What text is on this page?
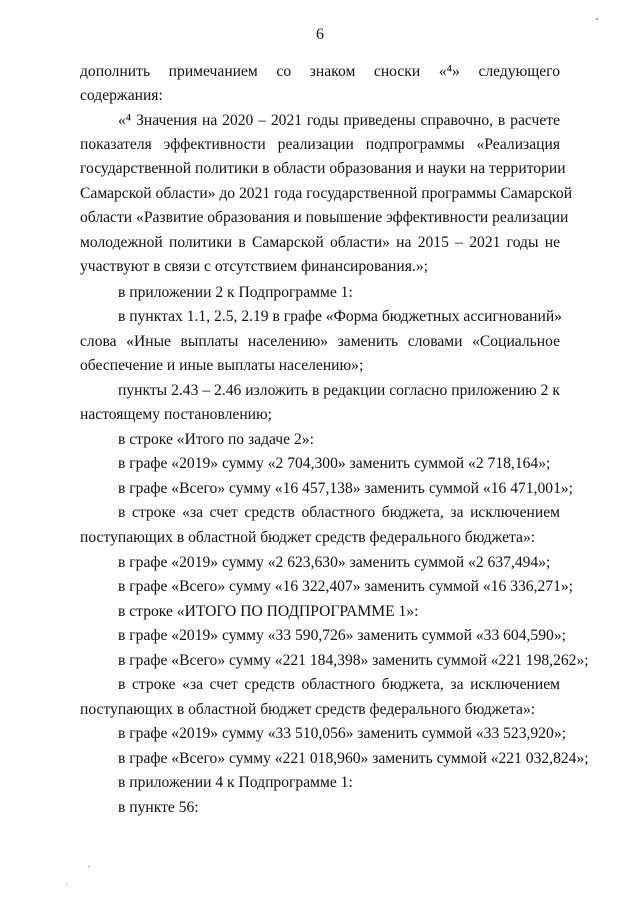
6
дополнить примечанием со знаком сноски «⁴» следующего
содержания:
«⁴ Значения на 2020 – 2021 годы приведены справочно, в расчете
показателя эффективности реализации подпрограммы «Реализация
государственной политики в области образования и науки на территории
Самарской области» до 2021 года государственной программы Самарской
области «Развитие образования и повышение эффективности реализации
молодежной политики в Самарской области» на 2015 – 2021 годы не
участвуют в связи с отсутствием финансирования.»;
в приложении 2 к Подпрограмме 1:
в пунктах 1.1, 2.5, 2.19 в графе «Форма бюджетных ассигнований»
слова «Иные выплаты населению» заменить словами «Социальное
обеспечение и иные выплаты населению»;
пункты 2.43 – 2.46 изложить в редакции согласно приложению 2 к
настоящему постановлению;
в строке «Итого по задаче 2»:
в графе «2019» сумму «2 704,300» заменить суммой «2 718,164»;
в графе «Всего» сумму «16 457,138» заменить суммой «16 471,001»;
в строке «за счет средств областного бюджета, за исключением
поступающих в областной бюджет средств федерального бюджета»:
в графе «2019» сумму «2 623,630» заменить суммой «2 637,494»;
в графе «Всего» сумму «16 322,407» заменить суммой «16 336,271»;
в строке «ИТОГО ПО ПОДПРОГРАММЕ 1»:
в графе «2019» сумму «33 590,726» заменить суммой «33 604,590»;
в графе «Всего» сумму «221 184,398» заменить суммой «221 198,262»;
в строке «за счет средств областного бюджета, за исключением
поступающих в областной бюджет средств федерального бюджета»:
в графе «2019» сумму «33 510,056» заменить суммой «33 523,920»;
в графе «Всего» сумму «221 018,960» заменить суммой «221 032,824»;
в приложении 4 к Подпрограмме 1:
в пункте 56:
